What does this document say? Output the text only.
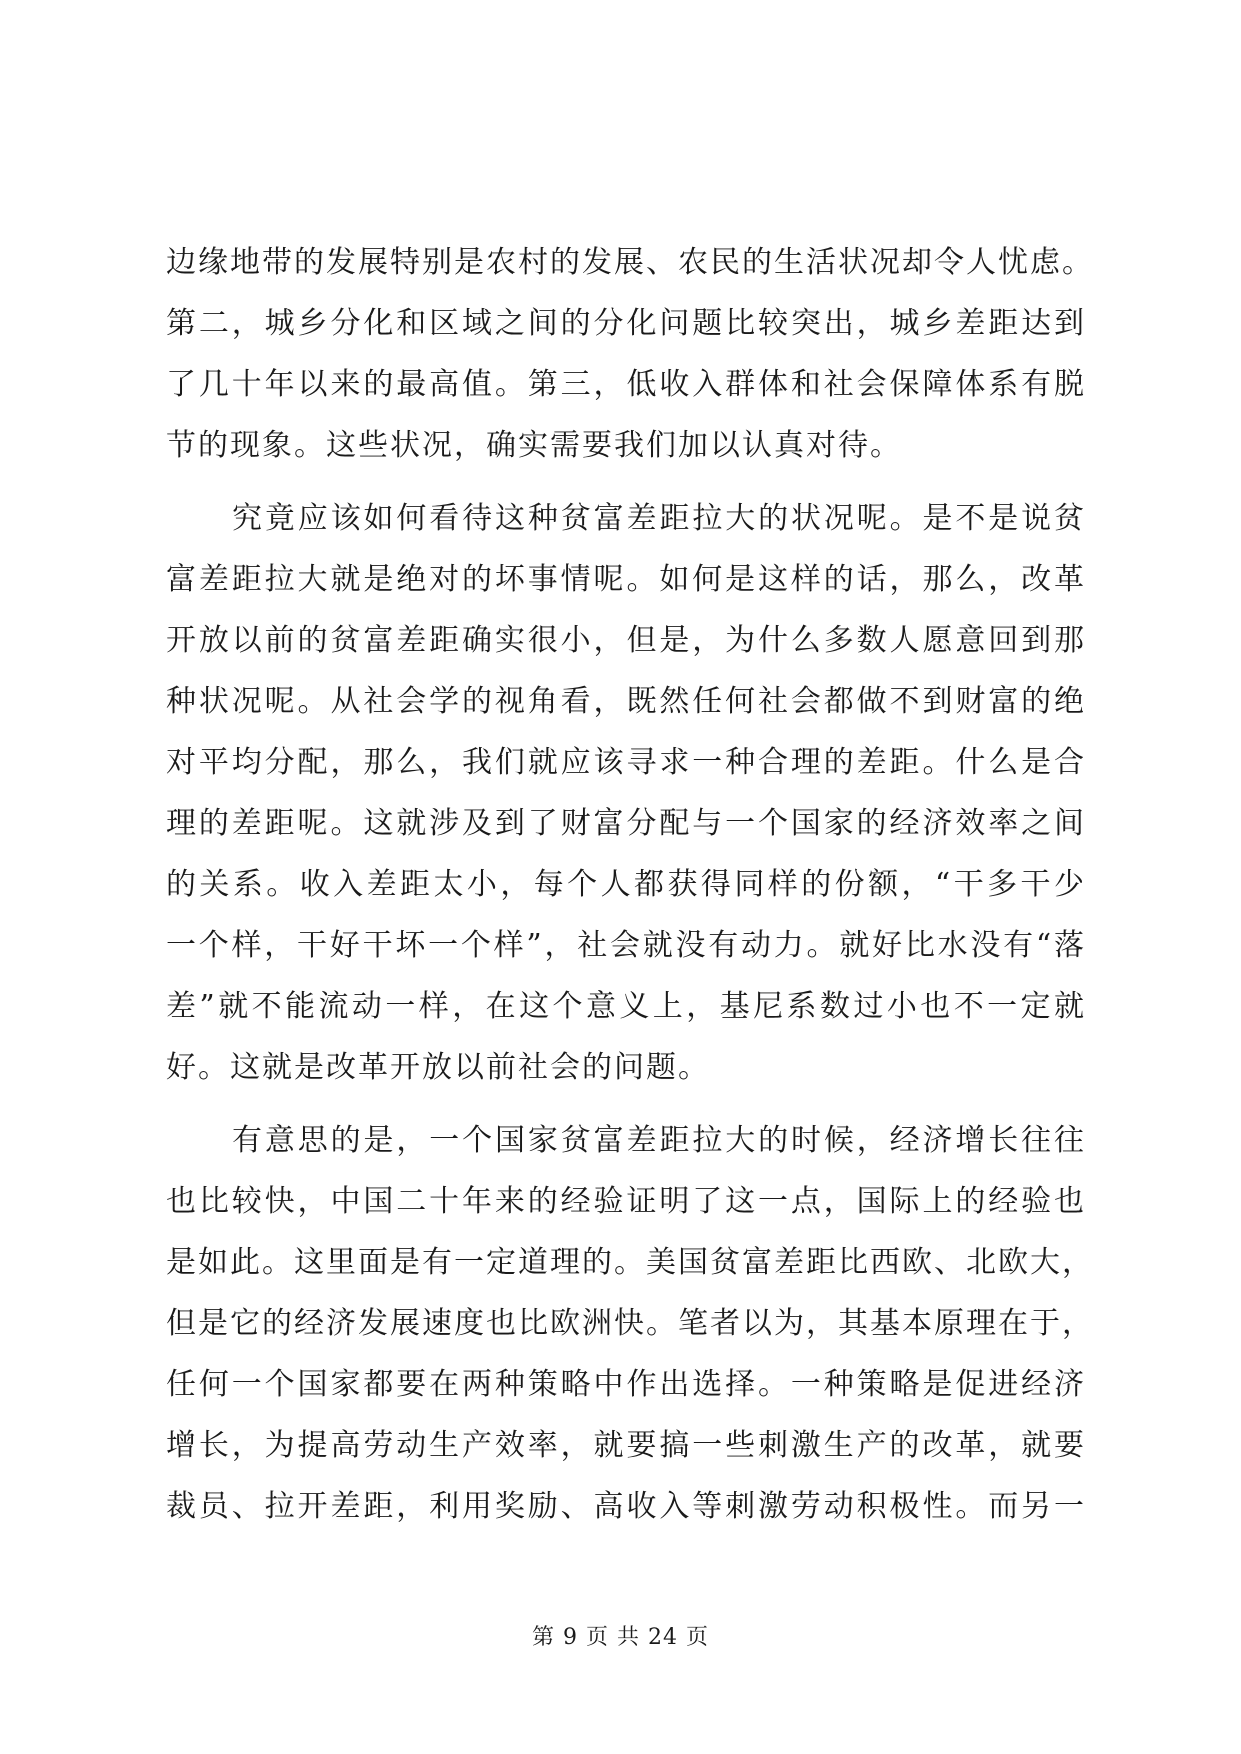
边缘地带的发展特别是农村的发展、农民的生活状况却令人忧虑。
第二，城乡分化和区域之间的分化问题比较突出，城乡差距达到
了几十年以来的最高值。第三，低收入群体和社会保障体系有脱
节的现象。这些状况，确实需要我们加以认真对待。
究竟应该如何看待这种贫富差距拉大的状况呢。是不是说贫
富差距拉大就是绝对的坏事情呢。如何是这样的话，那么，改革
开放以前的贫富差距确实很小，但是，为什么多数人愿意回到那
种状况呢。从社会学的视角看，既然任何社会都做不到财富的绝
对平均分配，那么，我们就应该寻求一种合理的差距。什么是合
理的差距呢。这就涉及到了财富分配与一个国家的经济效率之间
的关系。收入差距太小，每个人都获得同样的份额，“干多干少
一个样，干好干坏一个样”，社会就没有动力。就好比水没有“落
差”就不能流动一样，在这个意义上，基尼系数过小也不一定就
好。这就是改革开放以前社会的问题。
有意思的是，一个国家贫富差距拉大的时候，经济增长往往
也比较快，中国二十年来的经验证明了这一点，国际上的经验也
是如此。这里面是有一定道理的。美国贫富差距比西欧、北欧大，
但是它的经济发展速度也比欧洲快。笔者以为，其基本原理在于，
任何一个国家都要在两种策略中作出选择。一种策略是促进经济
增长，为提高劳动生产效率，就要搞一些刺激生产的改革，就要
裁员、拉开差距，利用奖励、高收入等刺激劳动积极性。而另一
第 9 页 共 24 页
